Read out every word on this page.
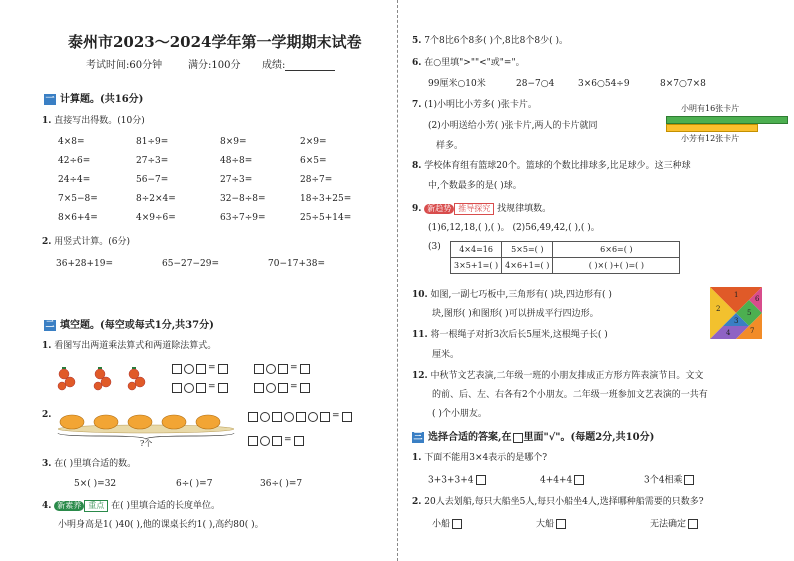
泰州市2023～2024学年第一学期期末试卷
考试时间:60分钟	满分:100分 成绩:
一 计算题。(共16分)
1. 直接写出得数。(10分)
4×8=	81÷9=	8×9=	2×9=
42÷6=	27÷3=	48÷8=	6×5=
24÷4=	56−7=	27÷3=	28÷7=
7×5−8=	8÷2×4=	32−8÷8=	18÷3+25=
8×6+4=	4×9÷6=	63÷7÷9=	25÷5+14=
2. 用竖式计算。(6分)
36+28+19=	65−27−29=	70−17+38=
二 填空题。(每空或每式1分,共37分)
1. 看图写出两道乘法算式和两道除法算式。
=	=
=	=
2.
?个
=
=
3. 在( )里填合适的数。
5×( )=32	6÷( )=7	36÷( )=7
4. 新素养 重点 在( )里填合适的长度单位。
小明身高是1( )40( ),他的课桌长约1( ),高约80( )。
5. 7个8比6个8多( )个,8比8个8少( )。
6. 在○里填">""<"或"="。
99厘米○10米	28−7○4	3×6○54÷9	8×7○7×8
7. (1)小明比小芳多( )张卡片。
(2)小明送给小芳( )张卡片,两人的卡片就同
样多。
小明有16张卡片
小芳有12张卡片
8. 学校体育组有篮球20个。篮球的个数比排球多,比足球少。这三种球
中,个数最多的是( )球。
9. 新趋势 推导探究 找规律填数。
(1)6,12,18,( ),( )。 (2)56,49,42,( ),( )。
(3) 4×4=16	5×5=( )	6×6=( )
3×5+1=( )	4×6+1=( )	( )×( )+( )=( )
10. 如图,一副七巧板中,三角形有( )块,四边形有( )
块,图形( )和图形( )可以拼成平行四边形。	2
1 6
5
3
4	7
11. 将一根绳子对折3次后长5厘米,这根绳子长( )
厘米。
12. 中秋节文艺表演,二年级一班的小朋友排成正方形方阵表演节目。文文
的前、后、左、右各有2个小朋友。二年级一班参加文艺表演的一共有
( )个小朋友。
三 选择合适的答案,在 里面"√"。(每题2分,共10分)
1. 下面不能用3×4表示的是哪个?
3+3+3+4	4+4+4	3个4相乘
2. 20人去划船,每只大船坐5人,每只小船坐4人,选择哪种船需要的只数多?
小船	大船	无法确定
